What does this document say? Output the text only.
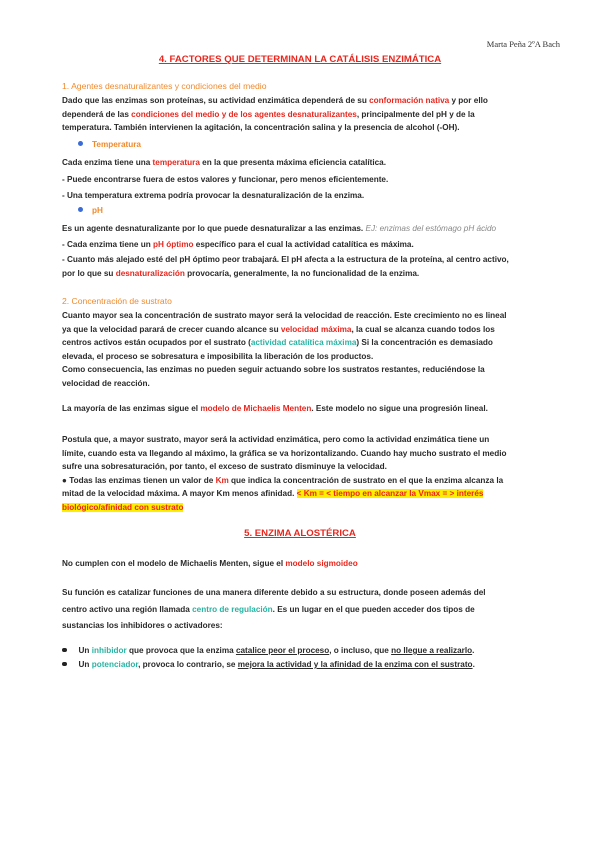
Marta Peña 2ºA Bach
4. FACTORES QUE DETERMINAN LA CATÁLISIS ENZIMÁTICA
1. Agentes desnaturalizantes y condiciones del medio
Dado que las enzimas son proteínas, su actividad enzimática dependerá de su conformación nativa y por ello
dependerá de las condiciones del medio y de los agentes desnaturalizantes, principalmente del pH y de la
temperatura. También intervienen la agitación, la concentración salina y la presencia de alcohol (-OH).
Temperatura
Cada enzima tiene una temperatura en la que presenta máxima eficiencia catalítica.
- Puede encontrarse fuera de estos valores y funcionar, pero menos eficientemente.
- Una temperatura extrema podría provocar la desnaturalización de la enzima.
pH
Es un agente desnaturalizante por lo que puede desnaturalizar a las enzimas. EJ: enzimas del estómago pH ácido
- Cada enzima tiene un pH óptimo específico para el cual la actividad catalítica es máxima.
- Cuanto más alejado esté del pH óptimo peor trabajará. El pH afecta a la estructura de la proteína, al centro activo,
por lo que su desnaturalización provocaría, generalmente, la no funcionalidad de la enzima.
2. Concentración de sustrato
Cuanto mayor sea la concentración de sustrato mayor será la velocidad de reacción. Este crecimiento no es lineal
ya que la velocidad parará de crecer cuando alcance su velocidad máxima, la cual se alcanza cuando todos los
centros activos están ocupados por el sustrato (actividad catalítica máxima) Si la concentración es demasiado
elevada, el proceso se sobresatura e imposibilita la liberación de los productos.
Como consecuencia, las enzimas no pueden seguir actuando sobre los sustratos restantes, reduciéndose la
velocidad de reacción.
La mayoría de las enzimas sigue el modelo de Michaelis Menten. Este modelo no sigue una progresión lineal.
Postula que, a mayor sustrato, mayor será la actividad enzimática, pero como la actividad enzimática tiene un
límite, cuando esta va llegando al máximo, la gráfica se va horizontalizando. Cuando hay mucho sustrato el medio
sufre una sobresaturación, por tanto, el exceso de sustrato disminuye la velocidad.
● Todas las enzimas tienen un valor de Km que indica la concentración de sustrato en el que la enzima alcanza la
mitad de la velocidad máxima. A mayor Km menos afinidad. < Km = < tiempo en alcanzar la Vmax = > interés
biológico/afinidad con sustrato
5. ENZIMA ALOSTÉRICA
No cumplen con el modelo de Michaelis Menten, sigue el modelo sigmoideo
Su función es catalizar funciones de una manera diferente debido a su estructura, donde poseen además del
centro activo una región llamada centro de regulación. Es un lugar en el que pueden acceder dos tipos de
sustancias los inhibidores o activadores:
Un inhibidor que provoca que la enzima catalice peor el proceso, o incluso, que no llegue a realizarlo.
Un potenciador, provoca lo contrario, se mejora la actividad y la afinidad de la enzima con el sustrato.
